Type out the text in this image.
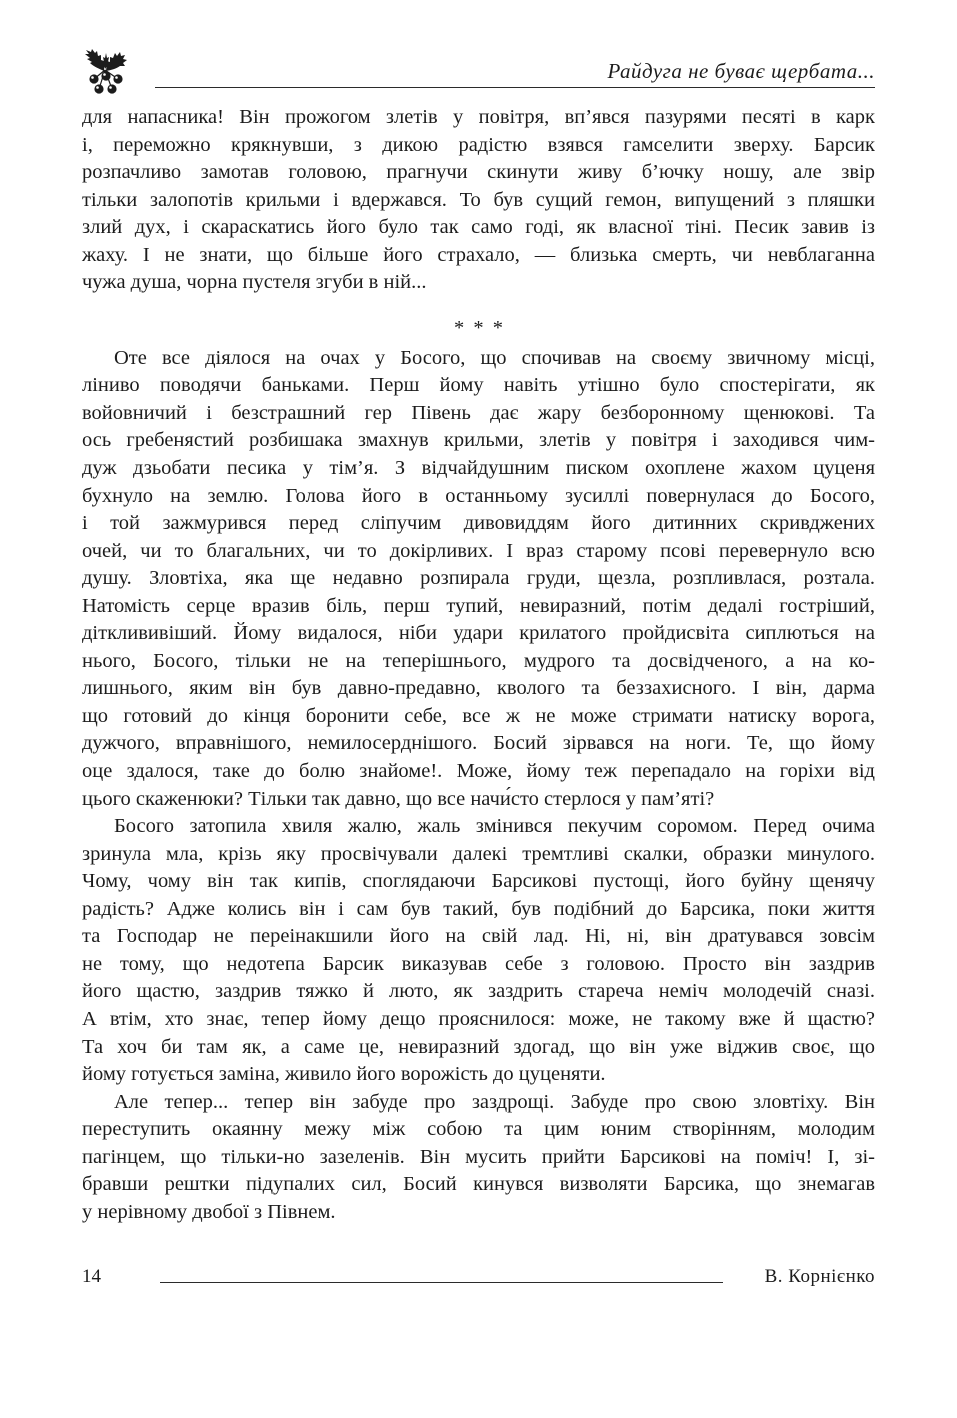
Райдуга не буває щербата...
для напасника! Він прожогом злетів у повітря, вп’явся пазурями песяті в карк
і, переможно крякнувши, з дикою радістю взявся гамселити зверху. Барсик
розпачливо замотав головою, прагнучи скинути живу б’ючку ношу, але звір
тільки залопотів крильми і вдержався. То був сущий гемон, випущений з пляшки
злий дух, і скараскатись його було так само годі, як власної тіні. Песик завив із
жаху. І не знати, що більше його страхало, — близька смерть, чи невблаганна
чужа душа, чорна пустеля згуби в ній...
* * *
Оте все діялося на очах у Босого, що спочивав на своєму звичному місці,
ліниво поводячи баньками. Перш йому навіть утішно було спостерігати, як
войовничий і безстрашний гер Півень дає жару безборонному щенюкові. Та
ось гребенястий розбишака змахнув крильми, злетів у повітря і заходився чим-
дуж дзьобати песика у тім’я. З відчайдушним писком охоплене жахом цуценя
бухнуло на землю. Голова його в останньому зусиллі повернулася до Босого,
і той зажмурився перед сліпучим дивовиддям його дитинних скривджених
очей, чи то благальних, чи то докірливих. І враз старому псові перевернуло всю
душу. Зловтіха, яка ще недавно розпирала груди, щезла, розпливлася, розтала.
Натомість серце вразив біль, перш тупий, невиразний, потім дедалі гостріший,
дітклививіший. Йому видалося, ніби удари крилатого пройдисвіта сиплються на
нього, Босого, тільки не на теперішнього, мудрого та досвідченого, а на ко-
лишнього, яким він був давно-предавно, кволого та беззахисного. І він, дарма
що готовий до кінця боронити себе, все ж не може стримати натиску ворога,
дужчого, вправнішого, немилосерднішого. Босий зірвався на ноги. Те, що йому
оце здалося, таке до болю знайоме!. Може, йому теж перепадало на горіхи від
цього скаженюки? Тільки так давно, що все начи́сто стерлося у пам’яті?
Босого затопила хвиля жалю, жаль змінився пекучим соромом. Перед очима
зринула мла, крізь яку просвічували далекі тремтливі скалки, образки минулого.
Чому, чому він так кипів, споглядаючи Барсикові пустощі, його буйну щенячу
радість? Адже колись він і сам був такий, був подібний до Барсика, поки життя
та Господар не переінакшили його на свій лад. Ні, ні, він дратувався зовсім
не тому, що недотепа Барсик виказував себе з головою. Просто він заздрив
його щастю, заздрив тяжко й люто, як заздрить стареча неміч молодечій сназі.
А втім, хто знає, тепер йому дещо прояснилося: може, не такому вже й щастю?
Та хоч би там як, а саме це, невиразний здогад, що він уже віджив своє, що
йому готується заміна, живило його ворожість до цуценяти.
Але тепер... тепер він забуде про заздрощі. Забуде про свою зловтіху. Він
переступить окаянну межу між собою та цим юним створінням, молодим
пагінцем, що тільки-но зазеленів. Він мусить прийти Барсикові на поміч! І, зі-
бравши рештки підупалих сил, Босий кинувся визволяти Барсика, що знемагав
у нерівному двобої з Півнем.
14	В. Корнієнко
